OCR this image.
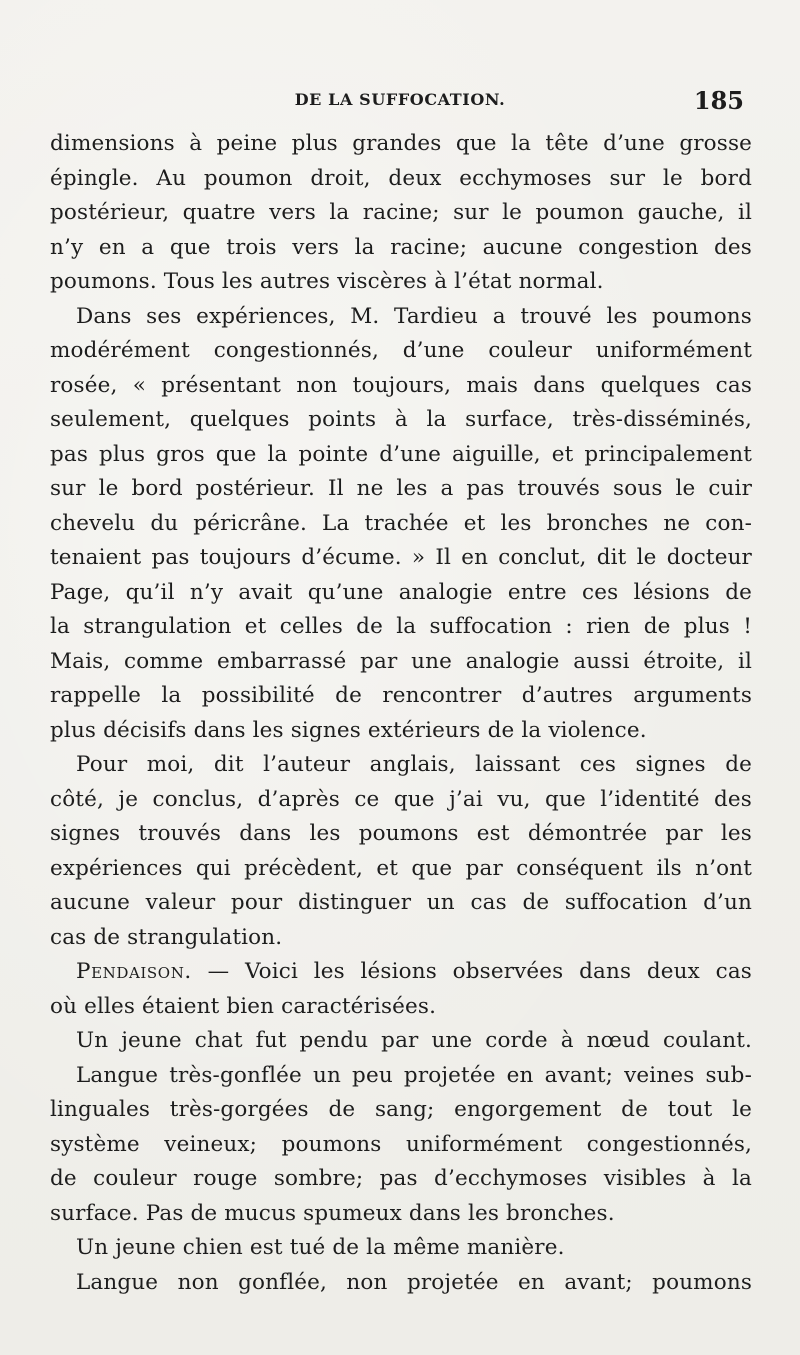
DE LA SUFFOCATION.	185
dimensions à peine plus grandes que la tête d’une grosse
épingle. Au poumon droit, deux ecchymoses sur le bord
postérieur, quatre vers la racine; sur le poumon gauche, il
n’y en a que trois vers la racine; aucune congestion des
poumons. Tous les autres viscères à l’état normal.
Dans ses expériences, M. Tardieu a trouvé les poumons
modérément congestionnés, d’une couleur uniformément
rosée, « présentant non toujours, mais dans quelques cas
seulement, quelques points à la surface, très-disséminés,
pas plus gros que la pointe d’une aiguille, et principalement
sur le bord postérieur. Il ne les a pas trouvés sous le cuir
chevelu du péricrâne. La trachée et les bronches ne con-
tenaient pas toujours d’écume. » Il en conclut, dit le docteur
Page, qu’il n’y avait qu’une analogie entre ces lésions de
la strangulation et celles de la suffocation : rien de plus !
Mais, comme embarrassé par une analogie aussi étroite, il
rappelle la possibilité de rencontrer d’autres arguments
plus décisifs dans les signes extérieurs de la violence.
Pour moi, dit l’auteur anglais, laissant ces signes de
côté, je conclus, d’après ce que j’ai vu, que l’identité des
signes trouvés dans les poumons est démontrée par les
expériences qui précèdent, et que par conséquent ils n’ont
aucune valeur pour distinguer un cas de suffocation d’un
cas de strangulation.
Pendaison. — Voici les lésions observées dans deux cas
où elles étaient bien caractérisées.
Un jeune chat fut pendu par une corde à nœud coulant.
Langue très-gonflée un peu projetée en avant; veines sub-
linguales très-gorgées de sang; engorgement de tout le
système veineux; poumons uniformément congestionnés,
de couleur rouge sombre; pas d’ecchymoses visibles à la
surface. Pas de mucus spumeux dans les bronches.
Un jeune chien est tué de la même manière.
Langue non gonflée, non projetée en avant; poumons
